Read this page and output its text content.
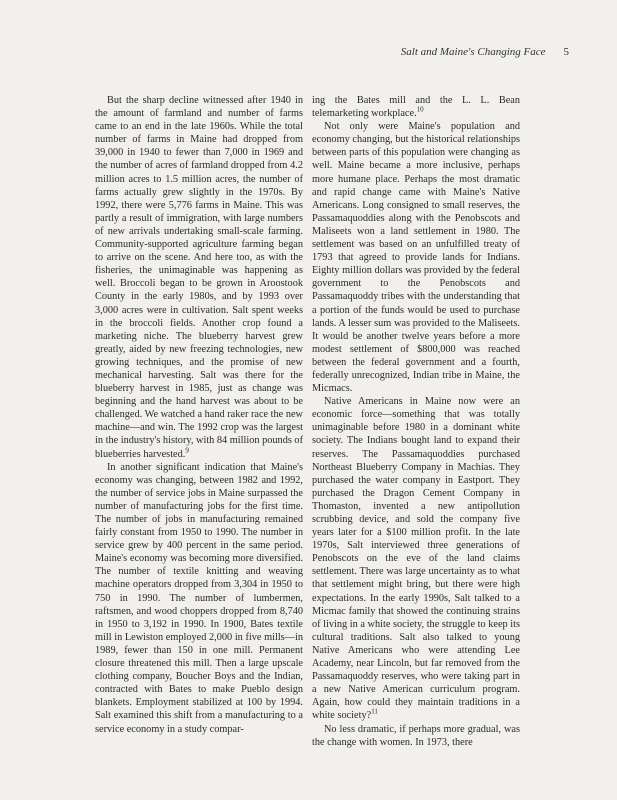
Salt and Maine's Changing Face 5

But the sharp decline witnessed after 1940 in the amount of farmland and number of farms came to an end in the late 1960s. While the total number of farms in Maine had dropped from 39,000 in 1940 to fewer than 7,000 in 1969 and the number of acres of farmland dropped from 4.2 million acres to 1.5 million acres, the number of farms actually grew slightly in the 1970s. By 1992, there were 5,776 farms in Maine. This was partly a result of immigration, with large numbers of new arrivals undertaking small-scale farming. Community-supported agriculture farming began to arrive on the scene. And here too, as with the fisheries, the unimaginable was happening as well. Broccoli began to be grown in Aroostook County in the early 1980s, and by 1993 over 3,000 acres were in cultivation. Salt spent weeks in the broccoli fields. Another crop found a marketing niche. The blueberry harvest grew greatly, aided by new freezing technologies, new growing techniques, and the promise of new mechanical harvesting. Salt was there for the blueberry harvest in 1985, just as change was beginning and the hand harvest was about to be challenged. We watched a hand raker race the new machine—and win. The 1992 crop was the largest in the industry's history, with 84 million pounds of blueberries harvested.$^9$

In another significant indication that Maine's economy was changing, between 1982 and 1992, the number of service jobs in Maine surpassed the number of manufacturing jobs for the first time. The number of jobs in manufacturing remained fairly constant from 1950 to 1990. The number in service grew by 400 percent in the same period. Maine's economy was becoming more diversified. The number of textile knitting and weaving machine operators dropped from 3,304 in 1950 to 750 in 1990. The number of lumbermen, raftsmen, and wood choppers dropped from 8,740 in 1950 to 3,192 in 1990. In 1900, Bates textile mill in Lewiston employed 2,000 in five mills—in 1989, fewer than 150 in one mill. Permanent closure threatened this mill. Then a large upscale clothing company, Boucher Boys and the Indian, contracted with Bates to make Pueblo design blankets. Employment stabilized at 100 by 1994. Salt examined this shift from a manufacturing to a service economy in a study compar-

ing the Bates mill and the L. L. Bean telemarketing workplace.$^{10}$

Not only were Maine's population and economy changing, but the historical relationships between parts of this population were changing as well. Maine became a more inclusive, perhaps more humane place. Perhaps the most dramatic and rapid change came with Maine's Native Americans. Long consigned to small reserves, the Passamaquoddies along with the Penobscots and Maliseets won a land settlement in 1980. The settlement was based on an unfulfilled treaty of 1793 that agreed to provide lands for Indians. Eighty million dollars was provided by the federal government to the Penobscots and Passamaquoddy tribes with the understanding that a portion of the funds would be used to purchase lands. A lesser sum was provided to the Maliseets. It would be another twelve years before a more modest settlement of $800,000 was reached between the federal government and a fourth, federally unrecognized, Indian tribe in Maine, the Micmacs.

Native Americans in Maine now were an economic force—something that was totally unimaginable before 1980 in a dominant white society. The Indians bought land to expand their reserves. The Passamaquoddies purchased Northeast Blueberry Company in Machias. They purchased the water company in Eastport. They purchased the Dragon Cement Company in Thomaston, invented a new antipollution scrubbing device, and sold the company five years later for a $100 million profit. In the late 1970s, Salt interviewed three generations of Penobscots on the eve of the land claims settlement. There was large uncertainty as to what that settlement might bring, but there were high expectations. In the early 1990s, Salt talked to a Micmac family that showed the continuing strains of living in a white society, the struggle to keep its cultural traditions. Salt also talked to young Native Americans who were attending Lee Academy, near Lincoln, but far removed from the Passamaquoddy reserves, who were taking part in a new Native American curriculum program. Again, how could they maintain traditions in a white society?$^{11}$

No less dramatic, if perhaps more gradual, was the change with women. In 1973, there
